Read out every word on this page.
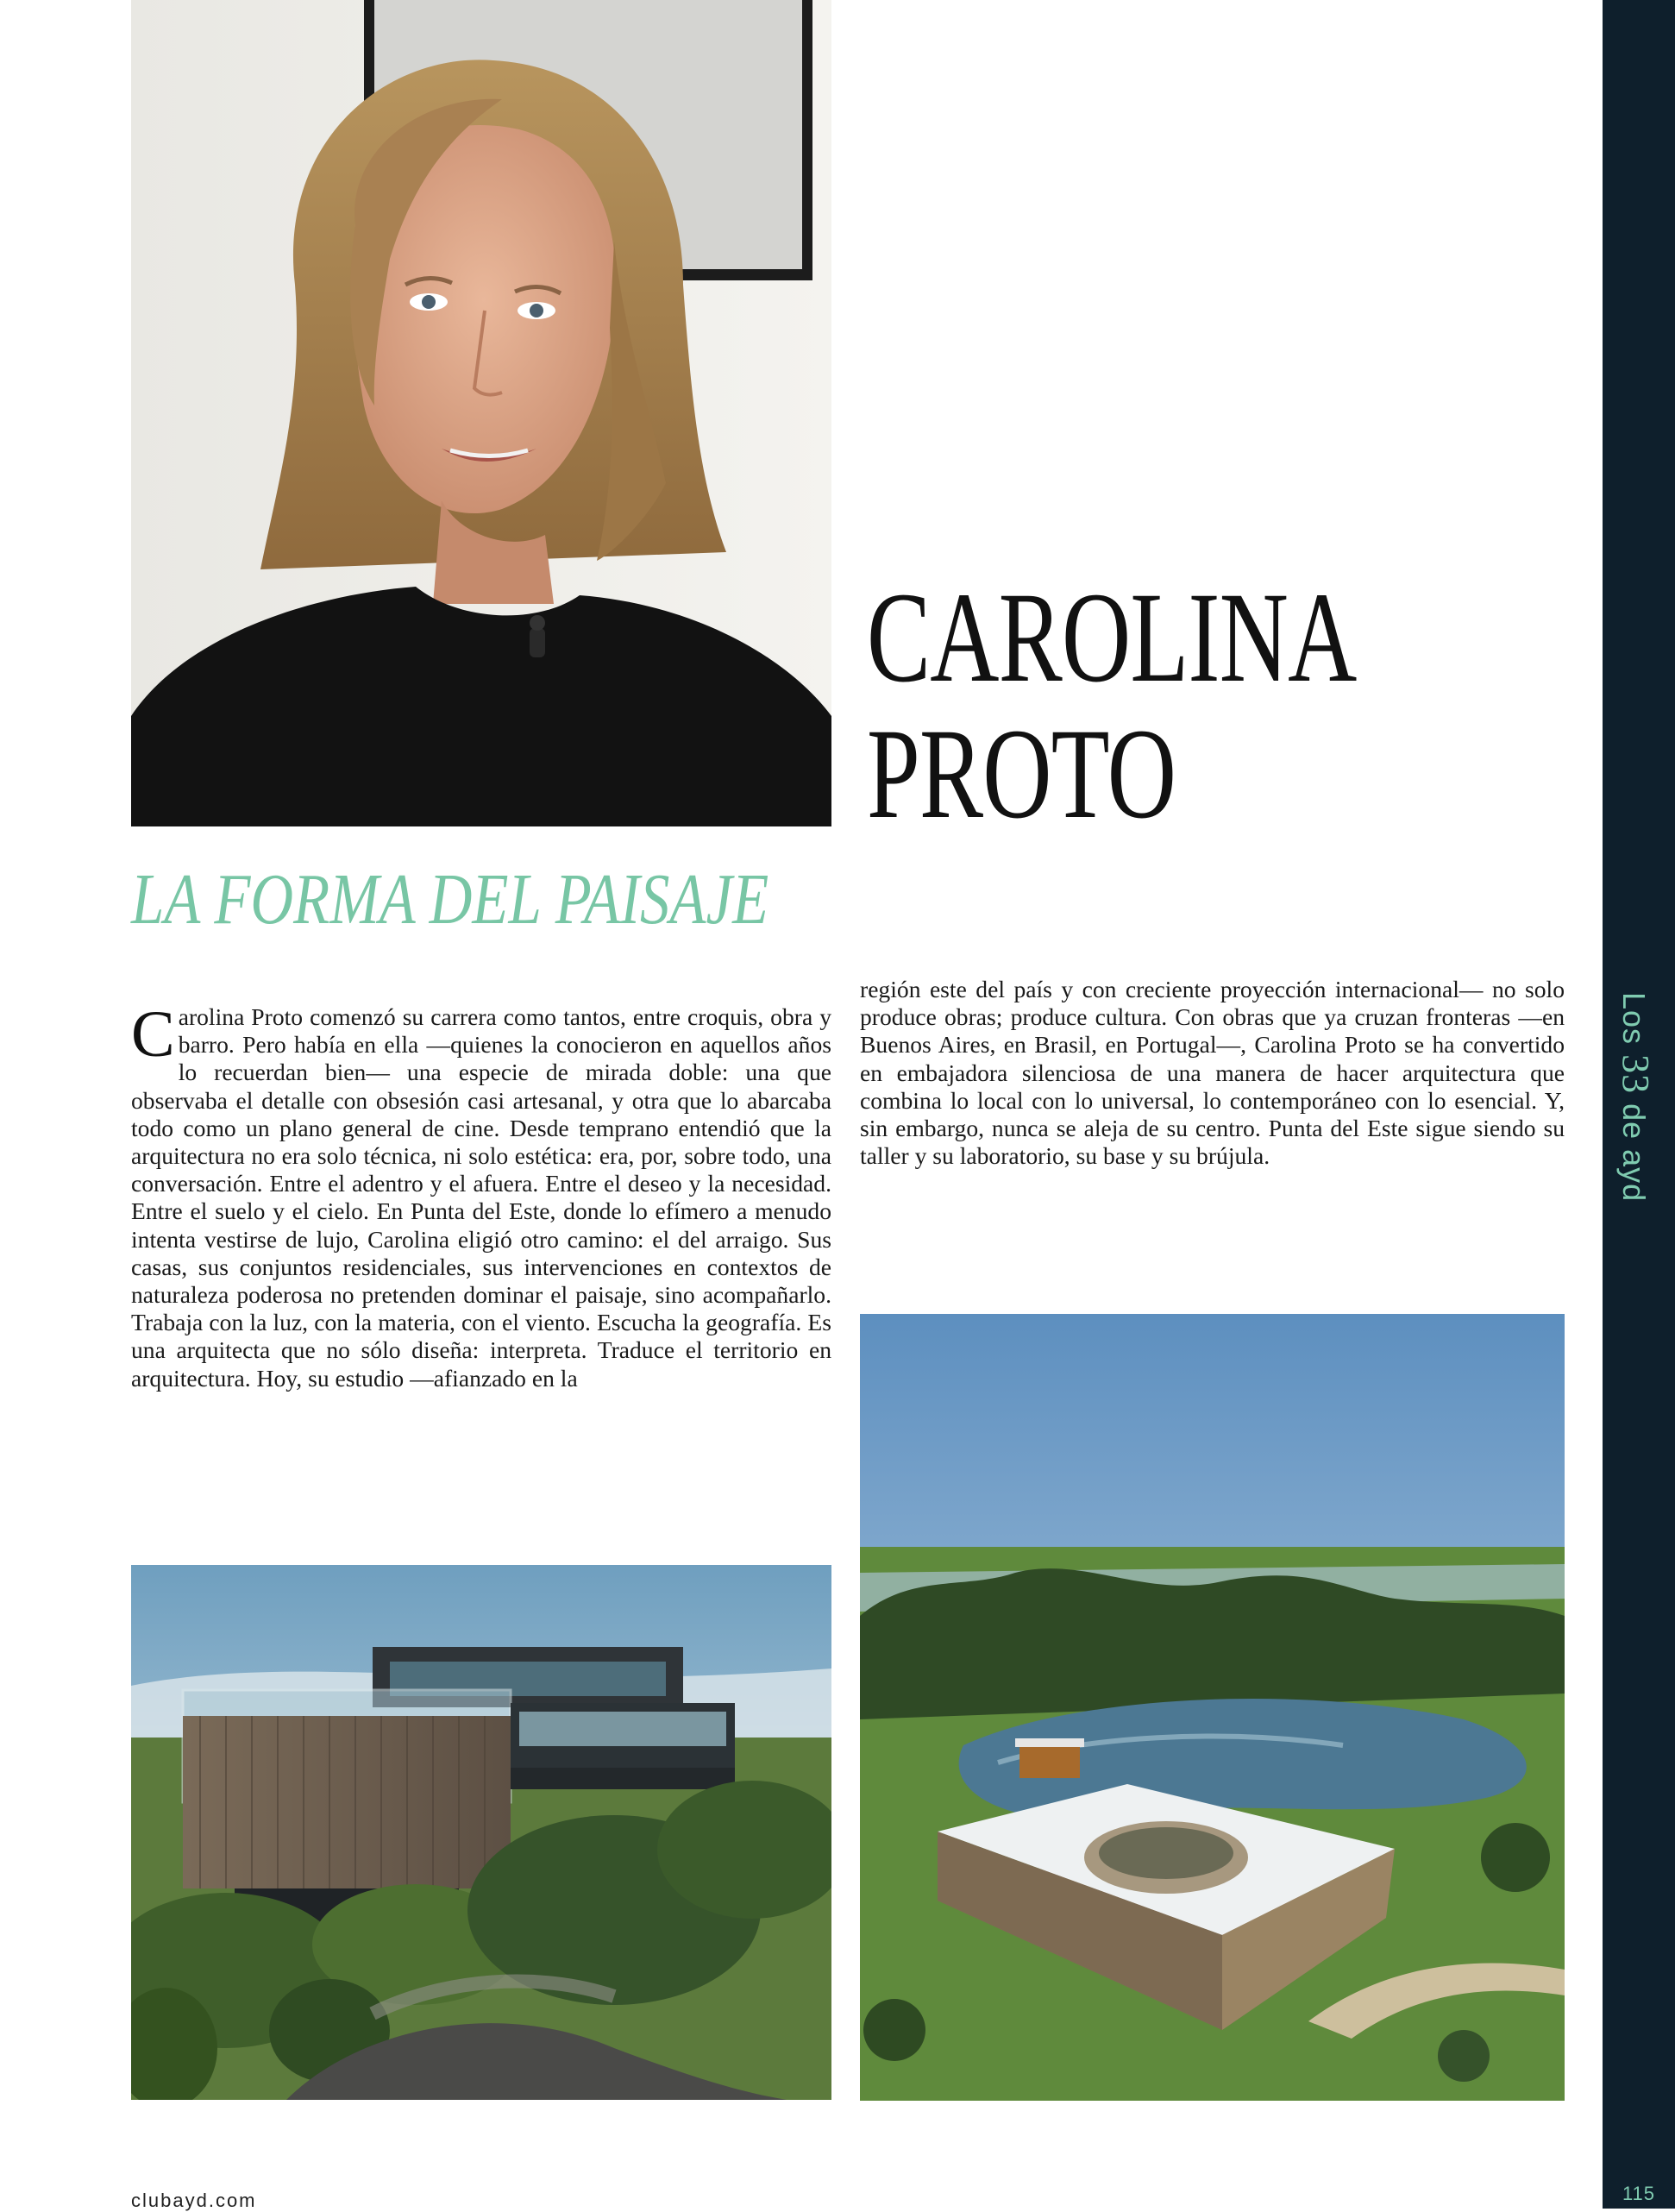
CAROLINA
PROTO
LA FORMA DEL PAISAJE
Carolina Proto comenzó su carrera como tantos, entre croquis, obra y barro. Pero había en ella —quienes la conocieron en aquellos años lo recuerdan bien— una especie de mirada doble: una que observaba el detalle con obsesión casi artesanal, y otra que lo abarcaba todo como un plano general de cine. Desde temprano entendió que la arquitectura no era solo técnica, ni solo estética: era, por, sobre todo, una conversación. Entre el adentro y el afuera. Entre el deseo y la necesidad. Entre el suelo y el cielo. En Punta del Este, donde lo efímero a menudo intenta vestirse de lujo, Carolina eligió otro camino: el del arraigo. Sus casas, sus conjuntos residenciales, sus intervenciones en contextos de naturaleza poderosa no pretenden dominar el paisaje, sino acompañarlo. Trabaja con la luz, con la materia, con el viento. Escucha la geografía. Es una arquitecta que no sólo diseña: interpreta. Traduce el territorio en arquitectura. Hoy, su estudio —afianzado en la
región este del país y con creciente proyección internacional— no solo produce obras; produce cultura. Con obras que ya cruzan fronteras —en Buenos Aires, en Brasil, en Portugal—, Carolina Proto se ha convertido en embajadora silenciosa de una manera de hacer arquitectura que combina lo local con lo universal, lo contemporáneo con lo esencial. Y, sin embargo, nunca se aleja de su centro. Punta del Este sigue siendo su taller y su laboratorio, su base y su brújula.
Los 33 de ayd
115
clubayd.com
